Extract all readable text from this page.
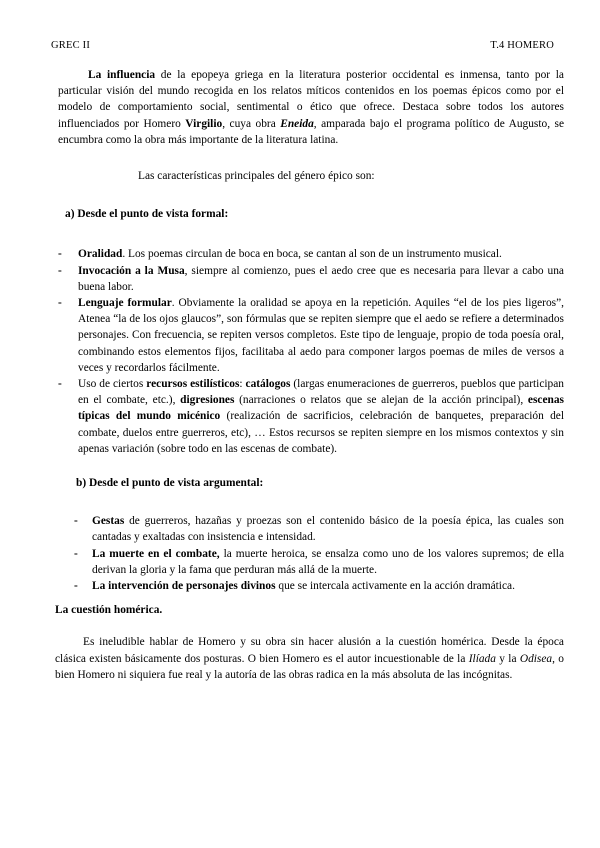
GREC II	T.4 HOMERO

La influencia de la epopeya griega en la literatura posterior occidental es inmensa, tanto por la particular visión del mundo recogida en los relatos míticos contenidos en los poemas épicos como por el modelo de comportamiento social, sentimental o ético que ofrece. Destaca sobre todos los autores influenciados por Homero Virgilio, cuya obra Eneida, amparada bajo el programa político de Augusto, se encumbra como la obra más importante de la literatura latina.

Las características principales del género épico son:

a) Desde el punto de vista formal:
- Oralidad. Los poemas circulan de boca en boca, se cantan al son de un instrumento musical.
- Invocación a la Musa, siempre al comienzo, pues el aedo cree que es necesaria para llevar a cabo una buena labor.
- Lenguaje formular. Obviamente la oralidad se apoya en la repetición. Aquiles “el de los pies ligeros”, Atenea “la de los ojos glaucos”, son fórmulas que se repiten siempre que el aedo se refiere a determinados personajes. Con frecuencia, se repiten versos completos. Este tipo de lenguaje, propio de toda poesía oral, combinando estos elementos fijos, facilitaba al aedo para componer largos poemas de miles de versos a veces y recordarlos fácilmente.
- Uso de ciertos recursos estilísticos: catálogos (largas enumeraciones de guerreros, pueblos que participan en el combate, etc.), digresiones (narraciones o relatos que se alejan de la acción principal), escenas típicas del mundo micénico (realización de sacrificios, celebración de banquetes, preparación del combate, duelos entre guerreros, etc), … Estos recursos se repiten siempre en los mismos contextos y sin apenas variación (sobre todo en las escenas de combate).
b) Desde el punto de vista argumental:
- Gestas de guerreros, hazañas y proezas son el contenido básico de la poesía épica, las cuales son cantadas y exaltadas con insistencia e intensidad.
- La muerte en el combate, la muerte heroica, se ensalza como uno de los valores supremos; de ella derivan la gloria y la fama que perduran más allá de la muerte.
- La intervención de personajes divinos que se intercala activamente en la acción dramática.
La cuestión homérica.

Es ineludible hablar de Homero y su obra sin hacer alusión a la cuestión homérica. Desde la época clásica existen básicamente dos posturas. O bien Homero es el autor incuestionable de la Ilíada y la Odisea, o bien Homero ni siquiera fue real y la autoría de las obras radica en la más absoluta de las incógnitas.
